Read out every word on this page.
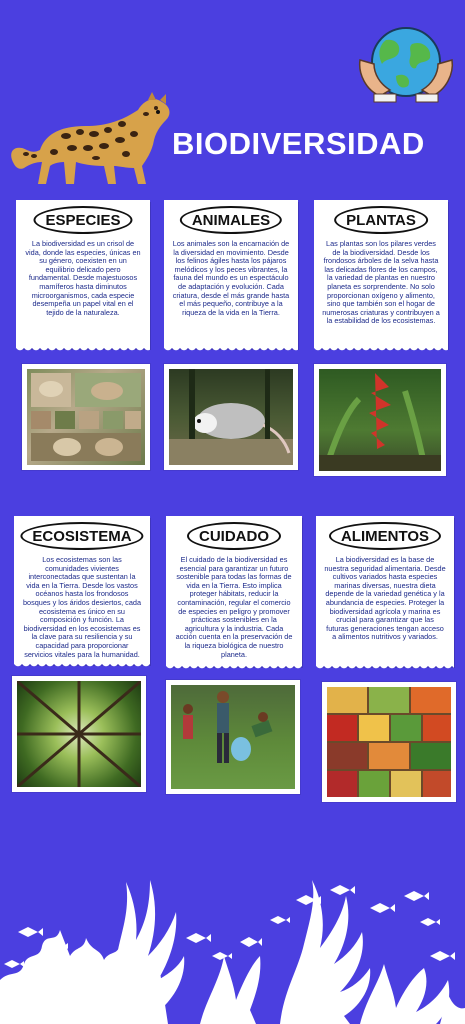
BIODIVERSIDAD
ESPECIES
La biodiversidad es un crisol de vida, donde las especies, únicas en su género, coexisten en un equilibrio delicado pero fundamental. Desde majestuosos mamíferos hasta diminutos microorganismos, cada especie desempeña un papel vital en el tejido de la naturaleza.
ANIMALES
Los animales son la encarnación de la diversidad en movimiento. Desde los felinos ágiles hasta los pájaros melódicos y los peces vibrantes, la fauna del mundo es un espectáculo de adaptación y evolución. Cada criatura, desde el más grande hasta el más pequeño, contribuye a la riqueza de la vida en la Tierra.
PLANTAS
Las plantas son los pilares verdes de la biodiversidad. Desde los frondosos árboles de la selva hasta las delicadas flores de los campos, la variedad de plantas en nuestro planeta es sorprendente. No solo proporcionan oxígeno y alimento, sino que también son el hogar de numerosas criaturas y contribuyen a la estabilidad de los ecosistemas.
ECOSISTEMA
Los ecosistemas son las comunidades vivientes interconectadas que sustentan la vida en la Tierra. Desde los vastos océanos hasta los frondosos bosques y los áridos desiertos, cada ecosistema es único en su composición y función. La biodiversidad en los ecosistemas es la clave para su resiliencia y su capacidad para proporcionar servicios vitales para la humanidad.
CUIDADO
El cuidado de la biodiversidad es esencial para garantizar un futuro sostenible para todas las formas de vida en la Tierra. Esto implica proteger hábitats, reducir la contaminación, regular el comercio de especies en peligro y promover prácticas sostenibles en la agricultura y la industria. Cada acción cuenta en la preservación de la riqueza biológica de nuestro planeta.
ALIMENTOS
La biodiversidad es la base de nuestra seguridad alimentaria. Desde cultivos variados hasta especies marinas diversas, nuestra dieta depende de la variedad genética y la abundancia de especies. Proteger la biodiversidad agrícola y marina es crucial para garantizar que las futuras generaciones tengan acceso a alimentos nutritivos y variados.
